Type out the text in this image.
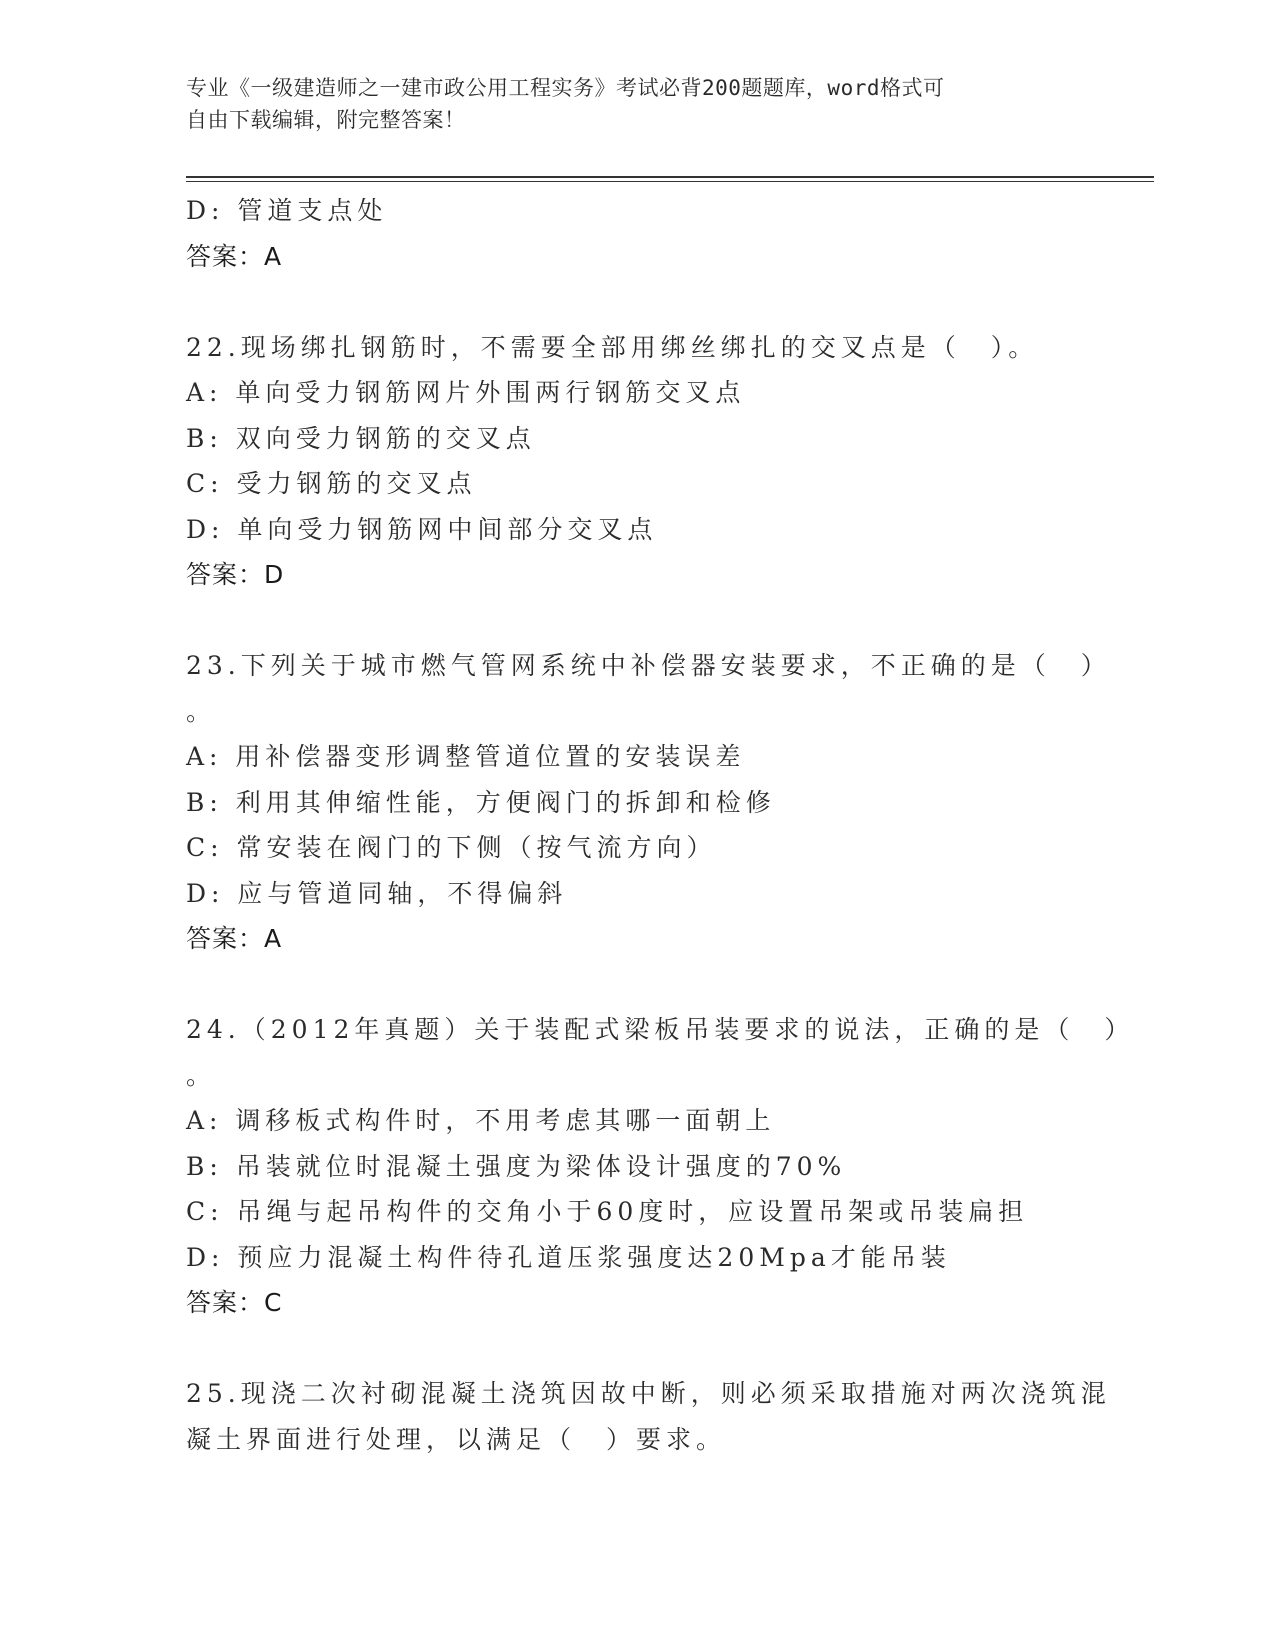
专业《一级建造师之一建市政公用工程实务》考试必背200题题库，word格式可
自由下载编辑，附完整答案！
D: 管道支点处
答案：A
22.现场绑扎钢筋时，不需要全部用绑丝绑扎的交叉点是（　）。
A: 单向受力钢筋网片外围两行钢筋交叉点
B: 双向受力钢筋的交叉点
C: 受力钢筋的交叉点
D: 单向受力钢筋网中间部分交叉点
答案：D
23.下列关于城市燃气管网系统中补偿器安装要求，不正确的是（　）
。
A: 用补偿器变形调整管道位置的安装误差
B: 利用其伸缩性能，方便阀门的拆卸和检修
C: 常安装在阀门的下侧（按气流方向）
D: 应与管道同轴，不得偏斜
答案：A
24.（2012年真题）关于装配式梁板吊装要求的说法，正确的是（　）
。
A: 调移板式构件时，不用考虑其哪一面朝上
B: 吊装就位时混凝土强度为梁体设计强度的70%
C: 吊绳与起吊构件的交角小于60度时，应设置吊架或吊装扁担
D: 预应力混凝土构件待孔道压浆强度达20Mpa才能吊装
答案：C
25.现浇二次衬砌混凝土浇筑因故中断，则必须采取措施对两次浇筑混
凝土界面进行处理，以满足（　）要求。
